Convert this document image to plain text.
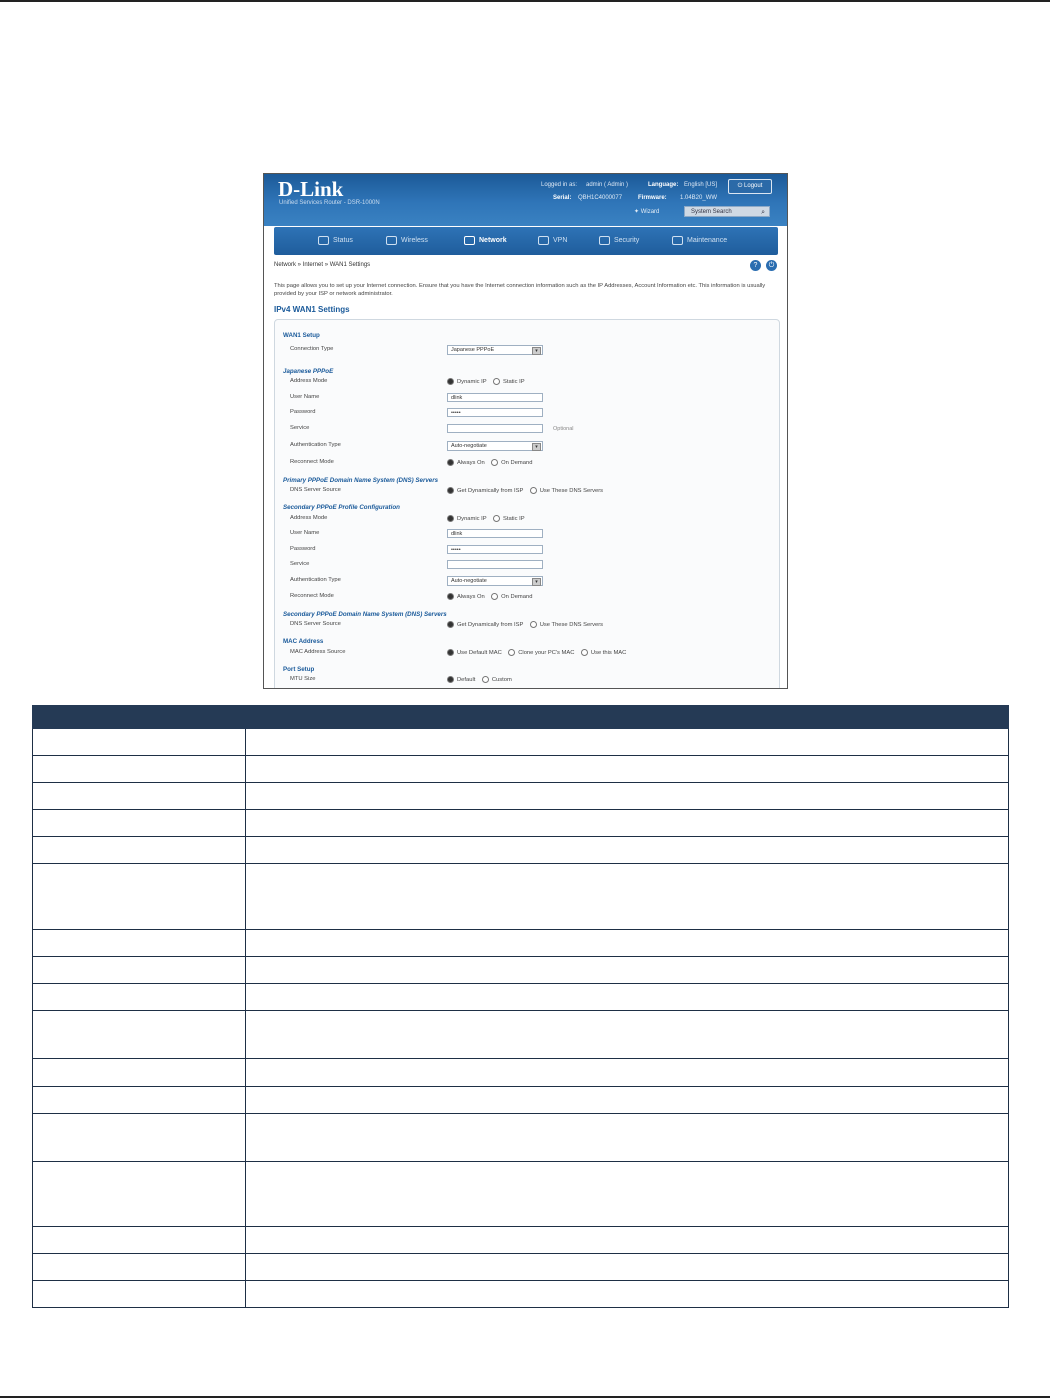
D-Link
Unified Services Router - DSR-1000N
Logged in as: admin ( Admin )	Language: English [US]	⏻ Logout
Serial: QBH1C4000077	Firmware: 1.04B20_WW
✦ Wizard	System Search	⌕
Status	Wireless	Network	VPN	Security	Maintenance
Network » Internet » WAN1 Settings	?	⏻
This page allows you to set up your Internet connection. Ensure that you have the Internet connection information such as the IP Addresses, Account Information etc. This information is usually provided by your ISP or network administrator.
IPv4 WAN1 Settings
WAN1 Setup
Connection Type	Japanese PPPoE	▾
Japanese PPPoE
Address Mode	Dynamic IP	Static IP
User Name	dlink
Password	•••••
Service	Optional
Authentication Type	Auto-negotiate	▾
Reconnect Mode	Always On	On Demand
Primary PPPoE Domain Name System (DNS) Servers
DNS Server Source	Get Dynamically from ISP	Use These DNS Servers
Secondary PPPoE Profile Configuration
Address Mode	Dynamic IP	Static IP
User Name	dlink
Password	•••••
Service
Authentication Type	Auto-negotiate	▾
Reconnect Mode	Always On	On Demand
Secondary PPPoE Domain Name System (DNS) Servers
DNS Server Source	Get Dynamically from ISP	Use These DNS Servers
MAC Address
MAC Address Source	Use Default MAC	Clone your PC's MAC	Use this MAC
Port Setup
MTU Size	Default	Custom
